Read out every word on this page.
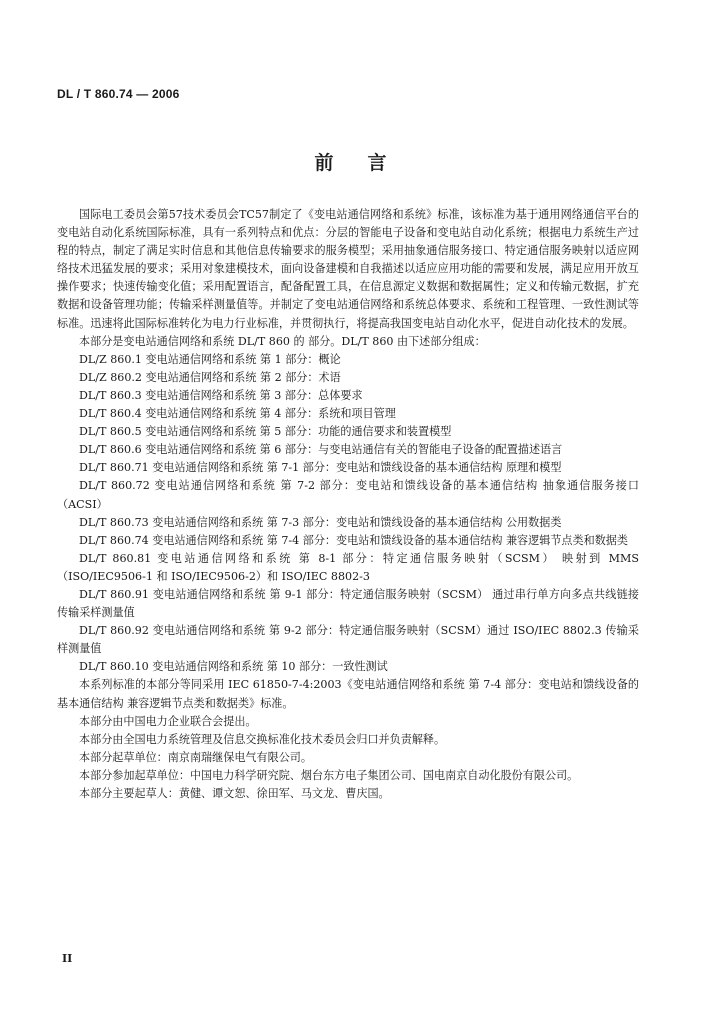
DL / T 860.74 — 2006
前言

国际电工委员会第57技术委员会TC57制定了《变电站通信网络和系统》标准，该标准为基于通用网络通信平台的变电站自动化系统国际标准，具有一系列特点和优点：分层的智能电子设备和变电站自动化系统；根据电力系统生产过程的特点，制定了满足实时信息和其他信息传输要求的服务模型；采用抽象通信服务接口、特定通信服务映射以适应网络技术迅猛发展的要求；采用对象建模技术，面向设备建模和自我描述以适应应用功能的需要和发展，满足应用开放互操作要求；快速传输变化值；采用配置语言，配备配置工具，在信息源定义数据和数据属性；定义和传输元数据，扩充数据和设备管理功能；传输采样测量值等。并制定了变电站通信网络和系统总体要求、系统和工程管理、一致性测试等标准。迅速将此国际标准转化为电力行业标准，并贯彻执行，将提高我国变电站自动化水平，促进自动化技术的发展。

本部分是变电站通信网络和系统 DL/T 860 的 部分。DL/T 860 由下述部分组成：

DL/Z 860.1 变电站通信网络和系统 第 1 部分：概论

DL/Z 860.2 变电站通信网络和系统 第 2 部分：术语

DL/T 860.3 变电站通信网络和系统 第 3 部分：总体要求

DL/T 860.4 变电站通信网络和系统 第 4 部分：系统和项目管理

DL/T 860.5 变电站通信网络和系统 第 5 部分：功能的通信要求和装置模型

DL/T 860.6 变电站通信网络和系统 第 6 部分：与变电站通信有关的智能电子设备的配置描述语言

DL/T 860.71 变电站通信网络和系统 第 7-1 部分：变电站和馈线设备的基本通信结构 原理和模型

DL/T 860.72 变电站通信网络和系统 第 7-2 部分：变电站和馈线设备的基本通信结构 抽象通信服务接口（ACSI）

DL/T 860.73 变电站通信网络和系统 第 7-3 部分：变电站和馈线设备的基本通信结构 公用数据类

DL/T 860.74 变电站通信网络和系统 第 7-4 部分：变电站和馈线设备的基本通信结构 兼容逻辑节点类和数据类

DL/T 860.81 变电站通信网络和系统 第 8-1 部分：特定通信服务映射（SCSM） 映射到 MMS（ISO/IEC9506-1 和 ISO/IEC9506-2）和 ISO/IEC 8802-3

DL/T 860.91 变电站通信网络和系统 第 9-1 部分：特定通信服务映射（SCSM） 通过串行单方向多点共线链接传输采样测量值

DL/T 860.92 变电站通信网络和系统 第 9-2 部分：特定通信服务映射（SCSM）通过 ISO/IEC 8802.3 传输采样测量值

DL/T 860.10 变电站通信网络和系统 第 10 部分：一致性测试

本系列标准的本部分等同采用 IEC 61850-7-4:2003《变电站通信网络和系统 第 7-4 部分：变电站和馈线设备的基本通信结构 兼容逻辑节点类和数据类》标准。

本部分由中国电力企业联合会提出。

本部分由全国电力系统管理及信息交换标准化技术委员会归口并负责解释。

本部分起草单位：南京南瑞继保电气有限公司。

本部分参加起草单位：中国电力科学研究院、烟台东方电子集团公司、国电南京自动化股份有限公司。

本部分主要起草人：黄健、谭文恕、徐田军、马文龙、曹庆国。

II
